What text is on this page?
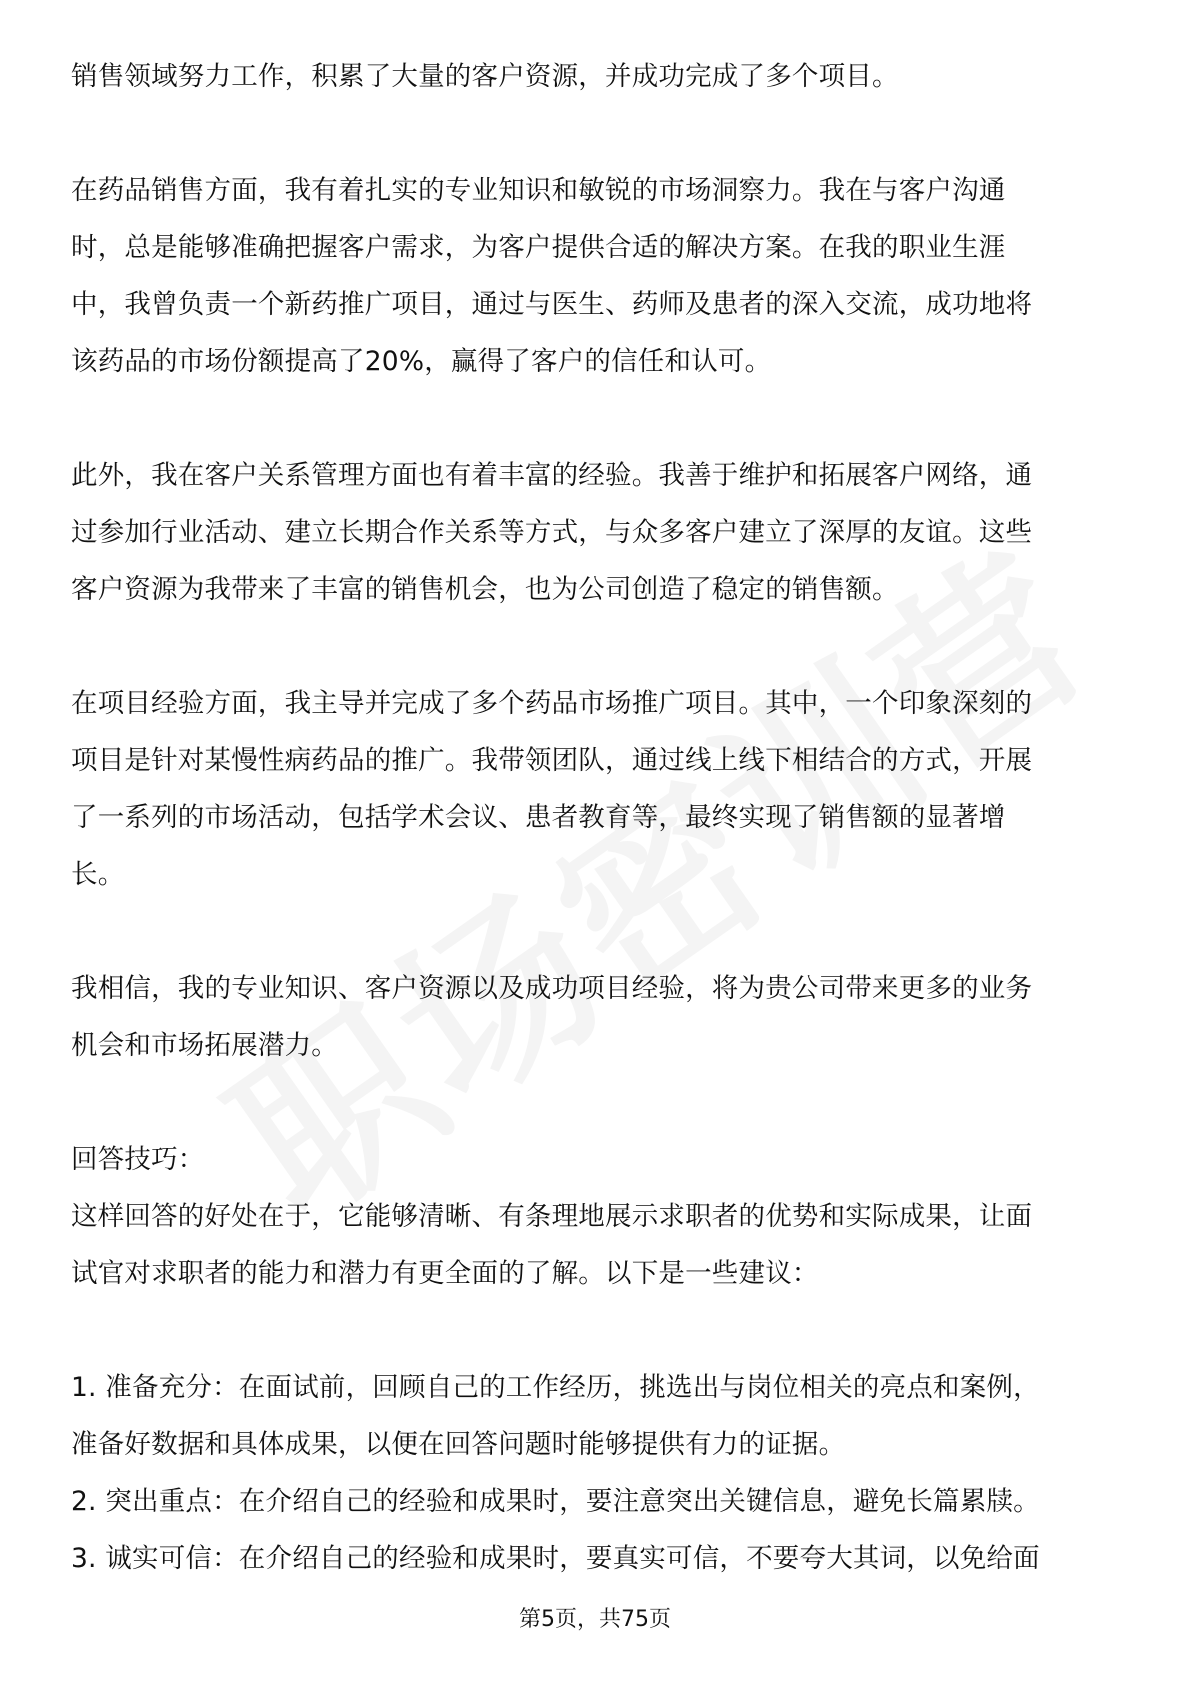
销售领域努力工作，积累了大量的客户资源，并成功完成了多个项目。
在药品销售方面，我有着扎实的专业知识和敏锐的市场洞察力。我在与客户沟通
时，总是能够准确把握客户需求，为客户提供合适的解决方案。在我的职业生涯
中，我曾负责一个新药推广项目，通过与医生、药师及患者的深入交流，成功地将
该药品的市场份额提高了20%，赢得了客户的信任和认可。
此外，我在客户关系管理方面也有着丰富的经验。我善于维护和拓展客户网络，通
过参加行业活动、建立长期合作关系等方式，与众多客户建立了深厚的友谊。这些
客户资源为我带来了丰富的销售机会，也为公司创造了稳定的销售额。
在项目经验方面，我主导并完成了多个药品市场推广项目。其中，一个印象深刻的
项目是针对某慢性病药品的推广。我带领团队，通过线上线下相结合的方式，开展
了一系列的市场活动，包括学术会议、患者教育等，最终实现了销售额的显著增
长。
我相信，我的专业知识、客户资源以及成功项目经验，将为贵公司带来更多的业务
机会和市场拓展潜力。
回答技巧：
这样回答的好处在于，它能够清晰、有条理地展示求职者的优势和实际成果，让面
试官对求职者的能力和潜力有更全面的了解。以下是一些建议：
1. 准备充分：在面试前，回顾自己的工作经历，挑选出与岗位相关的亮点和案例，
准备好数据和具体成果，以便在回答问题时能够提供有力的证据。
2. 突出重点：在介绍自己的经验和成果时，要注意突出关键信息，避免长篇累牍。
3. 诚实可信：在介绍自己的经验和成果时，要真实可信，不要夸大其词，以免给面
第5页，共75页
